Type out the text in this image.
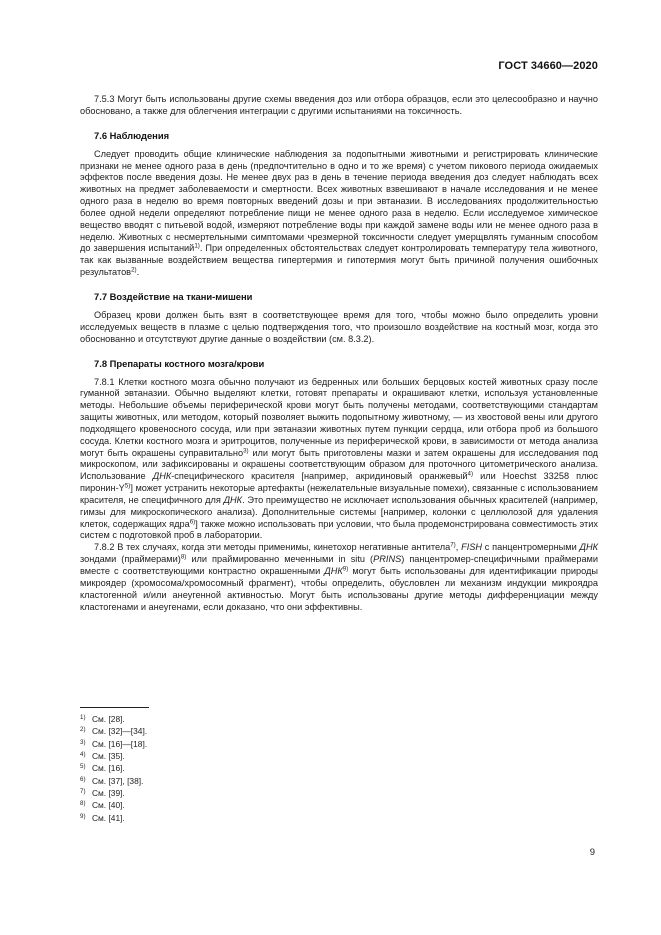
ГОСТ 34660—2020

7.5.3 Могут быть использованы другие схемы введения доз или отбора образцов, если это целесообразно и научно обосновано, а также для облегчения интеграции с другими испытаниями на токсичность.

7.6 Наблюдения

Следует проводить общие клинические наблюдения за подопытными животными и регистрировать клинические признаки не менее одного раза в день (предпочтительно в одно и то же время) с учетом пикового периода ожидаемых эффектов после введения дозы. Не менее двух раз в день в течение периода введения доз следует наблюдать всех животных на предмет заболеваемости и смертности. Всех животных взвешивают в начале исследования и не менее одного раза в неделю во время повторных введений дозы и при эвтаназии. В исследованиях продолжительностью более одной недели определяют потребление пищи не менее одного раза в неделю. Если исследуемое химическое вещество вводят с питьевой водой, измеряют потребление воды при каждой замене воды или не менее одного раза в неделю. Животных с несмертельными симптомами чрезмерной токсичности следует умерщвлять гуманным способом до завершения испытаний$^{1)}$. При определенных обстоятельствах следует контролировать температуру тела животного, так как вызванные воздействием вещества гипертермия и гипотермия могут быть причиной получения ошибочных результатов$^{2)}$.

7.7 Воздействие на ткани-мишени

Образец крови должен быть взят в соответствующее время для того, чтобы можно было определить уровни исследуемых веществ в плазме с целью подтверждения того, что произошло воздействие на костный мозг, когда это обоснованно и отсутствуют другие данные о воздействии (см. 8.3.2).

7.8 Препараты костного мозга/крови

7.8.1 Клетки костного мозга обычно получают из бедренных или больших берцовых костей животных сразу после гуманной эвтаназии. Обычно выделяют клетки, готовят препараты и окрашивают клетки, используя установленные методы. Небольшие объемы периферической крови могут быть получены методами, соответствующими стандартам защиты животных, или методом, который позволяет выжить подопытному животному, — из хвостовой вены или другого подходящего кровеносного сосуда, или при эвтаназии животных путем пункции сердца, или отбора проб из большого сосуда. Клетки костного мозга и эритроцитов, полученные из периферической крови, в зависимости от метода анализа могут быть окрашены суправитально$^{3)}$ или могут быть приготовлены мазки и затем окрашены для исследования под микроскопом, или зафиксированы и окрашены соответствующим образом для проточного цитометрического анализа. Использование ДНК-специфического красителя [например, акридиновый оранжевый$^{4)}$ или Hoechst 33258 плюс пиронин-$Y^{5)}$] может устранить некоторые артефакты (нежелательные визуальные помехи), связанные с использованием красителя, не специфичного для ДНК. Это преимущество не исключает использования обычных красителей (например, гимзы для микроскопического анализа). Дополнительные системы [например, колонки с целлюлозой для удаления клеток, содержащих ядра$^{6)}$] также можно использовать при условии, что была продемонстрирована совместимость этих систем с подготовкой проб в лаборатории.

7.8.2 В тех случаях, когда эти методы применимы, кинетохор негативные антитела$^{7)}$, FISH с панцентромерными ДНК зондами (праймерами)$^{8)}$ или праймированно меченными in situ (PRINS) панцентромер-специфичными праймерами вместе с соответствующими контрастно окрашенными ДНК$^{9)}$ могут быть использованы для идентификации природы микроядер (хромосома/хромосомный фрагмент), чтобы определить, обусловлен ли механизм индукции микроядра кластогенной и/или анеугенной активностью. Могут быть использованы другие методы дифференциации между кластогенами и анеугенами, если доказано, что они эффективны.

1) См. [28].
2) См. [32]—[34].
3) См. [16]—[18].
4) См. [35].
5) См. [16].
6) См. [37], [38].
7) См. [39].
8) См. [40].
9) См. [41].
9
